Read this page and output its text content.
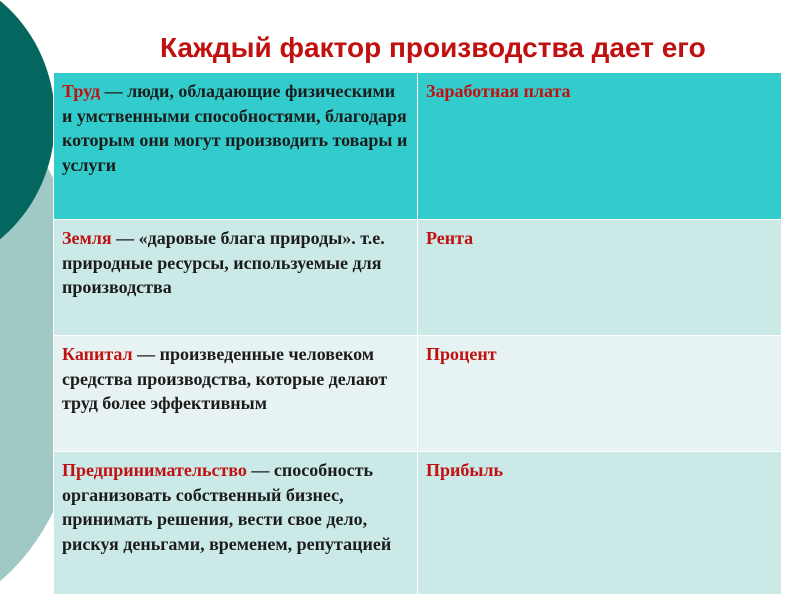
Каждый фактор производства дает его
Труд — люди, обладающие физическими и умственными способностями, благодаря которым они могут производить товары и услуги	Заработная плата
Земля — «даровые блага природы». т.е. природные ресурсы, используемые для производства	Рента
Капитал — произведенные человеком средства производства, которые делают труд более эффективным	Процент
Предпринимательство — способность организовать собственный бизнес, принимать решения, вести свое дело, рискуя деньгами, временем, репутацией	Прибыль
